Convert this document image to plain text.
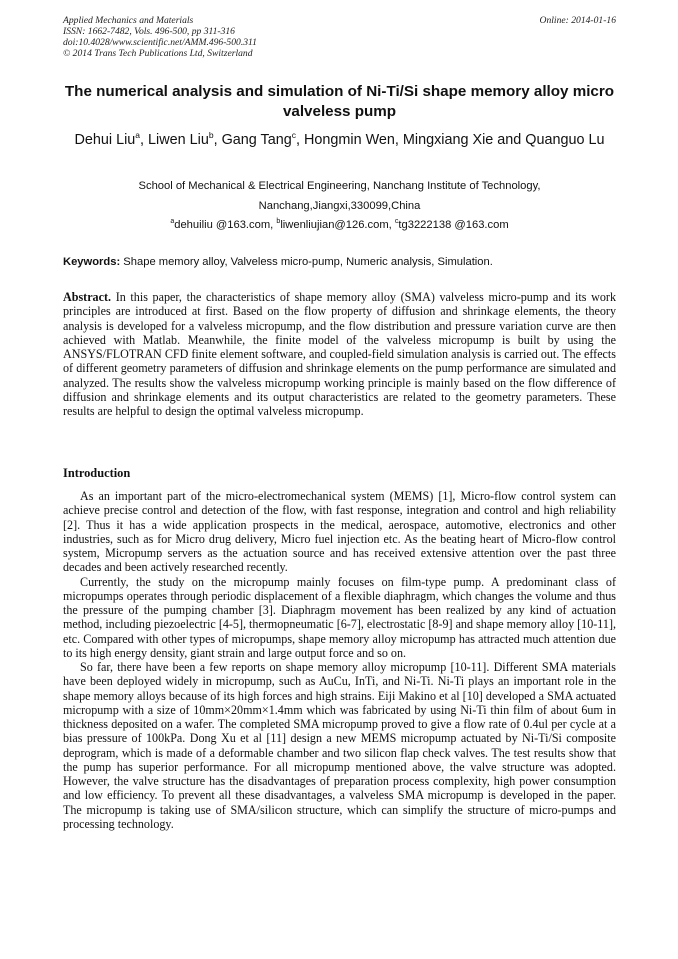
Applied Mechanics and Materials
ISSN: 1662-7482, Vols. 496-500, pp 311-316
doi:10.4028/www.scientific.net/AMM.496-500.311
© 2014 Trans Tech Publications Ltd, Switzerland
Online: 2014-01-16
The numerical analysis and simulation of Ni-Ti/Si shape memory alloy micro valveless pump
Dehui Liu$^a$, Liwen Liu$^b$, Gang Tang$^c$, Hongmin Wen, Mingxiang Xie and Quanguo Lu
School of Mechanical & Electrical Engineering, Nanchang Institute of Technology,
Nanchang,Jiangxi,330099,China
$^a$dehuiliu @163.com, $^b$liwenliujian@126.com, $^c$tg3222138 @163.com
Keywords: Shape memory alloy, Valveless micro-pump, Numeric analysis, Simulation.
Abstract. In this paper, the characteristics of shape memory alloy (SMA) valveless micro-pump and its work principles are introduced at first. Based on the flow property of diffusion and shrinkage elements, the theory analysis is developed for a valveless micropump, and the flow distribution and pressure variation curve are then achieved with Matlab. Meanwhile, the finite model of the valveless micropump is built by using the ANSYS/FLOTRAN CFD finite element software, and coupled-field simulation analysis is carried out. The effects of different geometry parameters of diffusion and shrinkage elements on the pump performance are simulated and analyzed. The results show the valveless micropump working principle is mainly based on the flow difference of diffusion and shrinkage elements and its output characteristics are related to the geometry parameters. These results are helpful to design the optimal valveless micropump.
Introduction

As an important part of the micro-electromechanical system (MEMS) [1], Micro-flow control system can achieve precise control and detection of the flow, with fast response, integration and control and high reliability [2]. Thus it has a wide application prospects in the medical, aerospace, automotive, electronics and other industries, such as for Micro drug delivery, Micro fuel injection etc. As the beating heart of Micro-flow control system, Micropump servers as the actuation source and has received extensive attention over the past three decades and been actively researched recently.

Currently, the study on the micropump mainly focuses on film-type pump. A predominant class of micropumps operates through periodic displacement of a flexible diaphragm, which changes the volume and thus the pressure of the pumping chamber [3]. Diaphragm movement has been realized by any kind of actuation method, including piezoelectric [4-5], thermopneumatic [6-7], electrostatic [8-9] and shape memory alloy [10-11], etc. Compared with other types of micropumps, shape memory alloy micropump has attracted much attention due to its high energy density, giant strain and large output force and so on.

So far, there have been a few reports on shape memory alloy micropump [10-11]. Different SMA materials have been deployed widely in micropump, such as AuCu, InTi, and Ni-Ti. Ni-Ti plays an important role in the shape memory alloys because of its high forces and high strains. Eiji Makino et al [10] developed a SMA actuated micropump with a size of 10mm×20mm×1.4mm which was fabricated by using Ni-Ti thin film of about 6um in thickness deposited on a wafer. The completed SMA micropump proved to give a flow rate of 0.4ul per cycle at a bias pressure of 100kPa. Dong Xu et al [11] design a new MEMS micropump actuated by Ni-Ti/Si composite deprogram, which is made of a deformable chamber and two silicon flap check valves. The test results show that the pump has superior performance. For all micropump mentioned above, the valve structure was adopted. However, the valve structure has the disadvantages of preparation process complexity, high power consumption and low efficiency. To prevent all these disadvantages, a valveless SMA micropump is developed in the paper. The micropump is taking use of SMA/silicon structure, which can simplify the structure of micro-pumps and processing technology.
